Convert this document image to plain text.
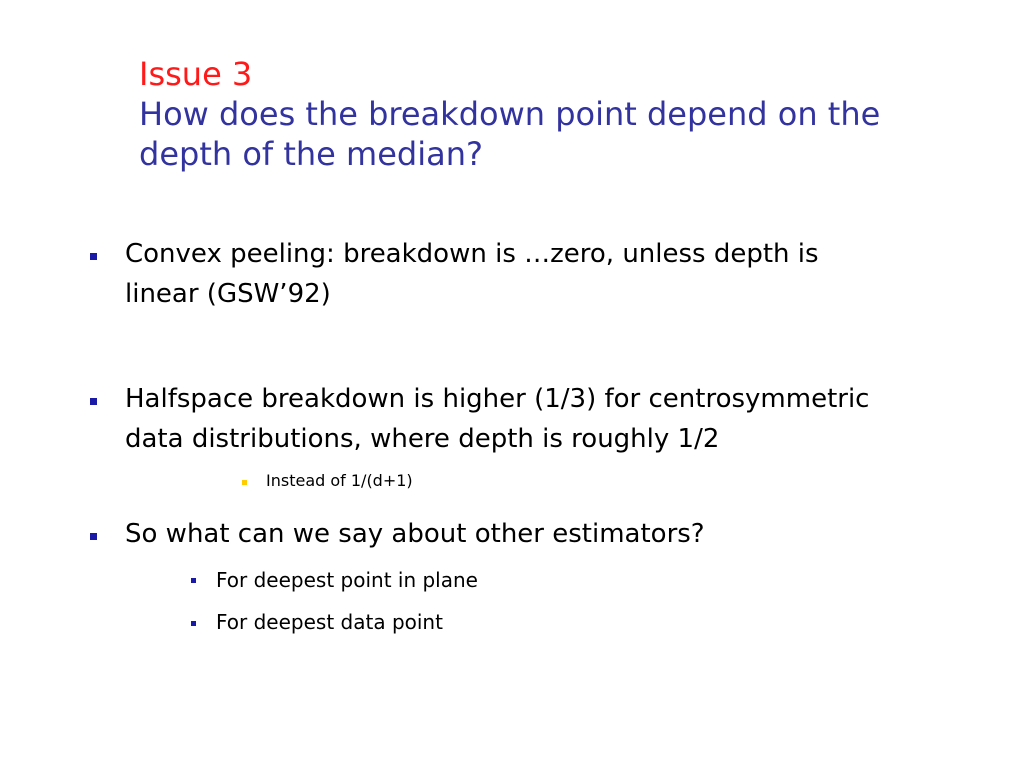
Issue 3
How does the breakdown point depend on the
depth of the median?
Convex peeling: breakdown is …zero, unless depth is
linear (GSW’92)
Halfspace breakdown is higher (1/3) for centrosymmetric
data distributions, where depth is roughly 1/2
Instead of 1/(d+1)
So what can we say about other estimators?
For deepest point in plane
For deepest data point
